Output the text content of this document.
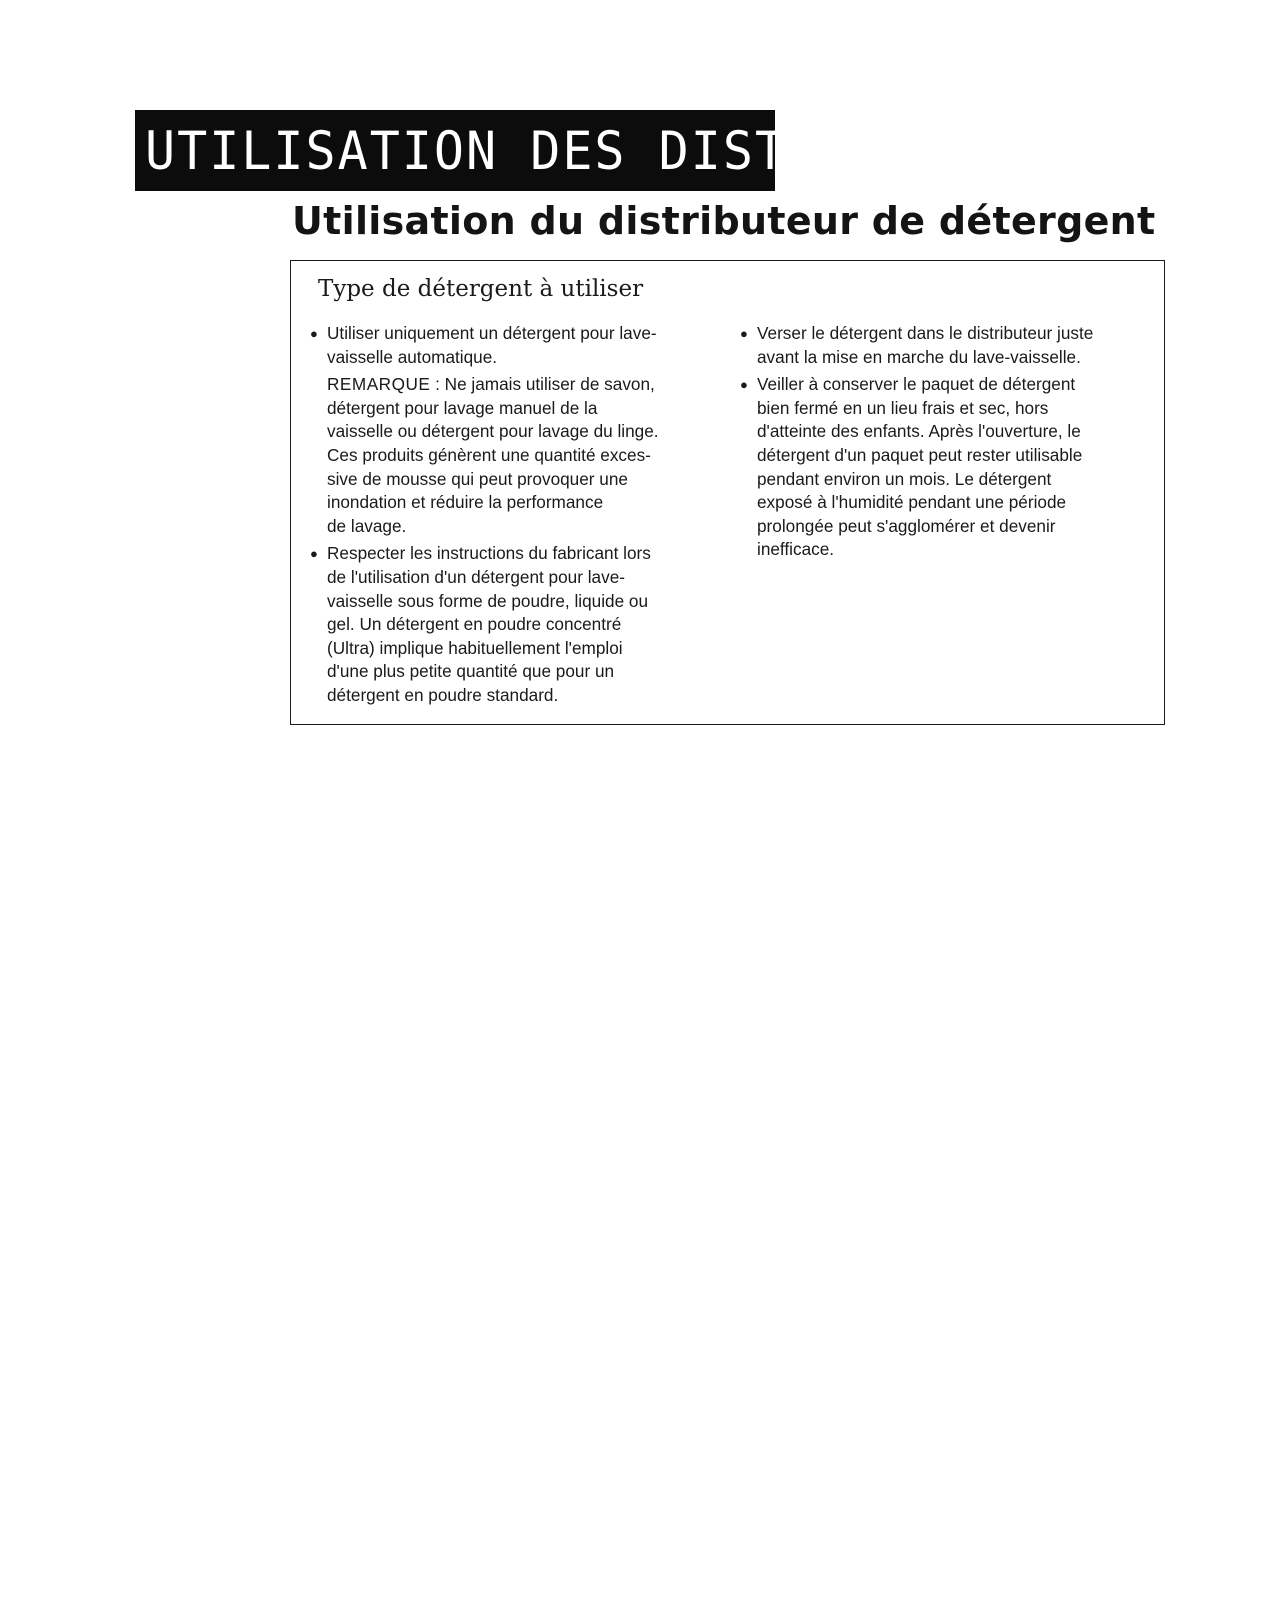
UTILISATION DES DISTRIBUTEURS
Utilisation du distributeur de détergent
Type de détergent à utiliser
● Utiliser uniquement un détergent pour lave-
vaisselle automatique.
REMARQUE : Ne jamais utiliser de savon,
détergent pour lavage manuel de la
vaisselle ou détergent pour lavage du linge.
Ces produits génèrent une quantité exces-
sive de mousse qui peut provoquer une
inondation et réduire la performance
de lavage.
● Respecter les instructions du fabricant lors
de l'utilisation d'un détergent pour lave-
vaisselle sous forme de poudre, liquide ou
gel. Un détergent en poudre concentré
(Ultra) implique habituellement l'emploi
d'une plus petite quantité que pour un
détergent en poudre standard.
● Verser le détergent dans le distributeur juste
avant la mise en marche du lave-vaisselle.
● Veiller à conserver le paquet de détergent
bien fermé en un lieu frais et sec, hors
d'atteinte des enfants. Après l'ouverture, le
détergent d'un paquet peut rester utilisable
pendant environ un mois. Le détergent
exposé à l'humidité pendant une période
prolongée peut s'agglomérer et devenir
inefficace.
